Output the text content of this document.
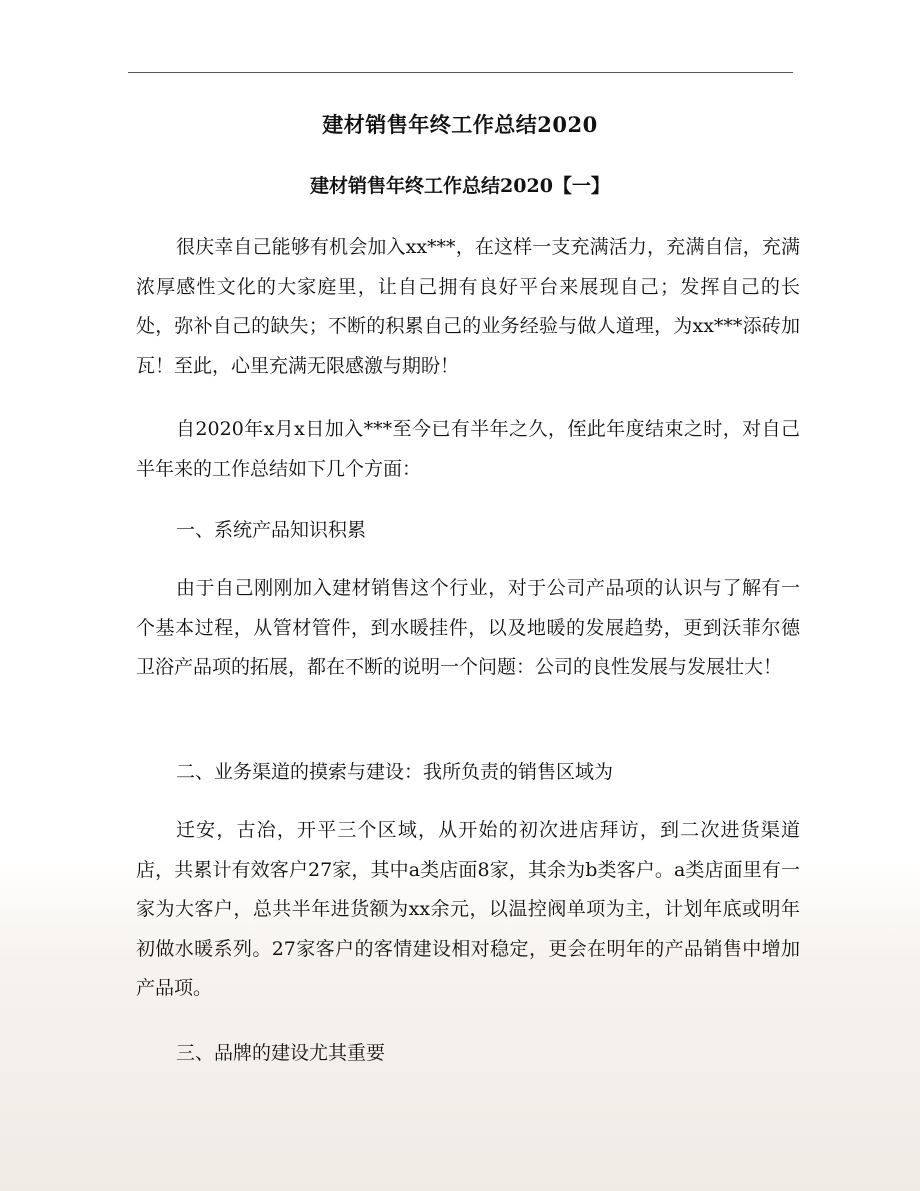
建材销售年终工作总结2020
建材销售年终工作总结2020【一】

很庆幸自己能够有机会加入xx***，在这样一支充满活力，充满自信，充满浓厚感性文化的大家庭里，让自己拥有良好平台来展现自己；发挥自己的长处，弥补自己的缺失；不断的积累自己的业务经验与做人道理，为xx***添砖加瓦！至此，心里充满无限感激与期盼！

自2020年x月x日加入***至今已有半年之久，侄此年度结束之时，对自己半年来的工作总结如下几个方面：

一、系统产品知识积累

由于自己刚刚加入建材销售这个行业，对于公司产品项的认识与了解有一个基本过程，从管材管件，到水暖挂件，以及地暖的发展趋势，更到沃菲尔德卫浴产品项的拓展，都在不断的说明一个问题：公司的良性发展与发展壮大！

二、业务渠道的摸索与建设：我所负责的销售区域为

迁安，古冶，开平三个区域，从开始的初次进店拜访，到二次进货渠道店，共累计有效客户27家，其中a类店面8家，其余为b类客户。a类店面里有一家为大客户，总共半年进货额为xx余元，以温控阀单项为主，计划年底或明年初做水暖系列。27家客户的客情建设相对稳定，更会在明年的产品销售中增加产品项。

三、品牌的建设尤其重要
